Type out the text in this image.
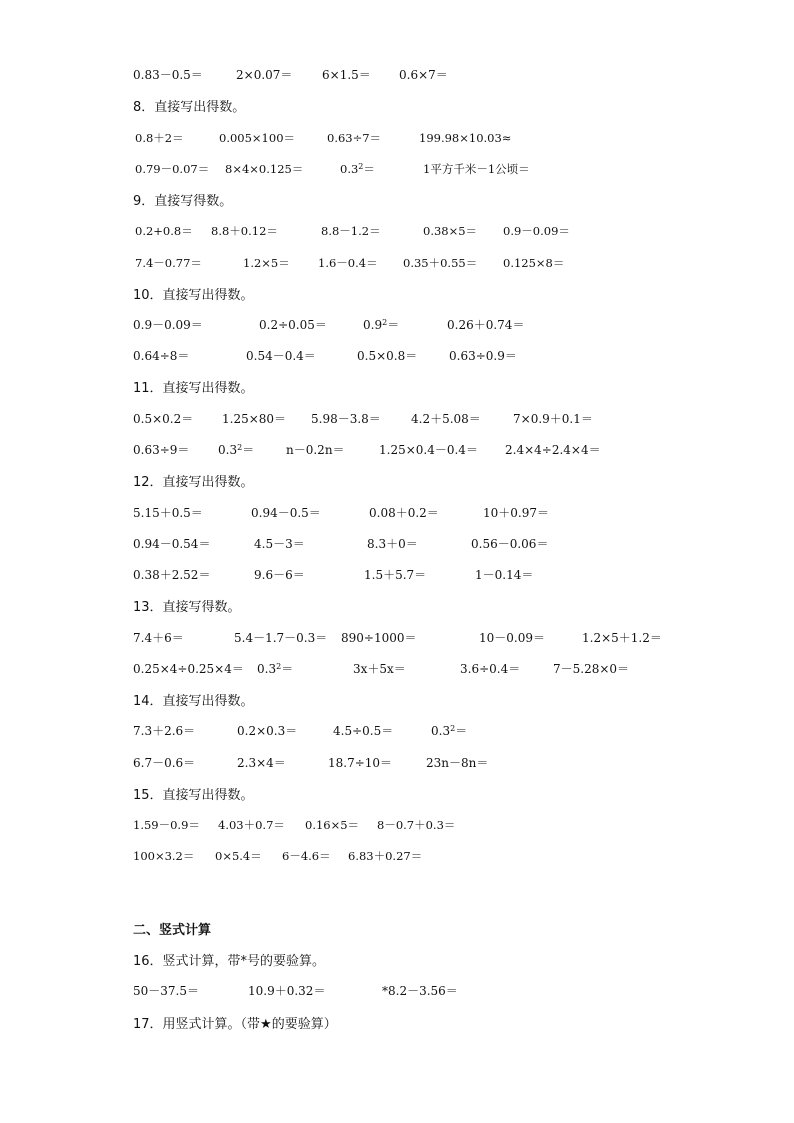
0.83－0.5＝	2×0.07＝ 6×1.5＝ 0.6×7＝
8．直接写出得数。
0.8＋2＝	0.005×100＝	0.63÷7＝	199.98×10.03≈
0.79－0.07＝ 8×4×0.125＝	$0.3^2=$	1平方千米－1公顷＝
9．直接写得数。
0.2+0.8＝ 8.8＋0.12＝	8.8－1.2＝	0.38×5＝ 0.9－0.09＝
7.4－0.77＝	1.2×5＝ 1.6－0.4＝ 0.35＋0.55＝ 0.125×8＝
10．直接写出得数。
0.9－0.09＝	0.2÷0.05＝	$0.9^2=$	0.26＋0.74＝
0.64÷8＝	0.54－0.4＝	0.5×0.8＝	0.63÷0.9＝
11．直接写出得数。
0.5×0.2＝ 1.25×80＝ 5.98－3.8＝	4.2＋5.08＝	7×0.9＋0.1＝
$0.63\div 9= 0.3^2=$	n－0.2n＝	1.25×0.4－0.4＝ 2.4×4÷2.4×4＝
12．直接写出得数。
5.15＋0.5＝	0.94－0.5＝	0.08＋0.2＝	10＋0.97＝
0.94－0.54＝	4.5－3＝	8.3＋0＝	0.56－0.06＝
0.38＋2.52＝	9.6－6＝	1.5＋5.7＝	1－0.14＝
13．直接写得数。
7.4＋6＝	5.4－1.7－0.3＝ 890÷1000＝	10－0.09＝	1.2×5＋1.2＝
$0.25\times 4\div 0.25\times 4= 0.3^2=$	3x＋5x＝	3.6÷0.4＝	7－5.28×0＝
14．直接写出得数。
7.3＋2.6＝	0.2×0.3＝	4.5÷0.5＝	$0.3^2=$
6.7－0.6＝	2.3×4＝	18.7÷10＝	23n－8n＝
15．直接写出得数。
1.59－0.9＝ 4.03＋0.7＝ 0.16×5＝ 8－0.7＋0.3＝
100×3.2＝ 0×5.4＝ 6－4.6＝ 6.83＋0.27＝
二、竖式计算
16．竖式计算，带*号的要验算。
50－37.5＝	10.9＋0.32＝	*8.2－3.56＝
17．用竖式计算。（带★的要验算）
